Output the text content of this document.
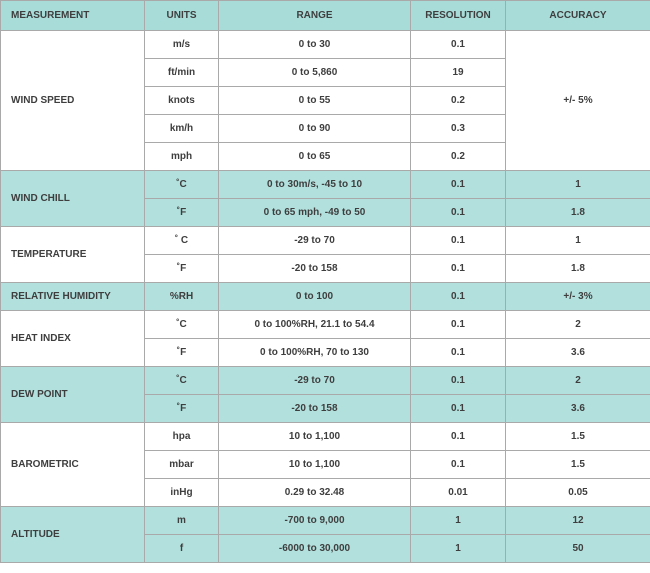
MEASUREMENT	UNITS	RANGE	RESOLUTION	ACCURACY
WIND SPEED	m/s	0 to 30	0.1	+/- 5%
	ft/min	0 to 5,860	19	
	knots	0 to 55	0.2	
	km/h	0 to 90	0.3	
	mph	0 to 65	0.2	
WIND CHILL	˚C	0 to 30m/s, -45 to 10	0.1	1
	˚F	0 to 65 mph, -49 to 50	0.1	1.8
TEMPERATURE	˚ C	-29 to 70	0.1	1
	˚F	-20 to 158	0.1	1.8
RELATIVE HUMIDITY	%RH	0 to 100	0.1	+/- 3%
HEAT INDEX	˚C	0 to 100%RH, 21.1 to 54.4	0.1	2
	˚F	0 to 100%RH, 70 to 130	0.1	3.6
DEW POINT	˚C	-29 to 70	0.1	2
	˚F	-20 to 158	0.1	3.6
BAROMETRIC	hpa	10 to 1,100	0.1	1.5
	mbar	10 to 1,100	0.1	1.5
	inHg	0.29 to 32.48	0.01	0.05
ALTITUDE	m	-700 to 9,000	1	12
	f	-6000 to 30,000	1	50
